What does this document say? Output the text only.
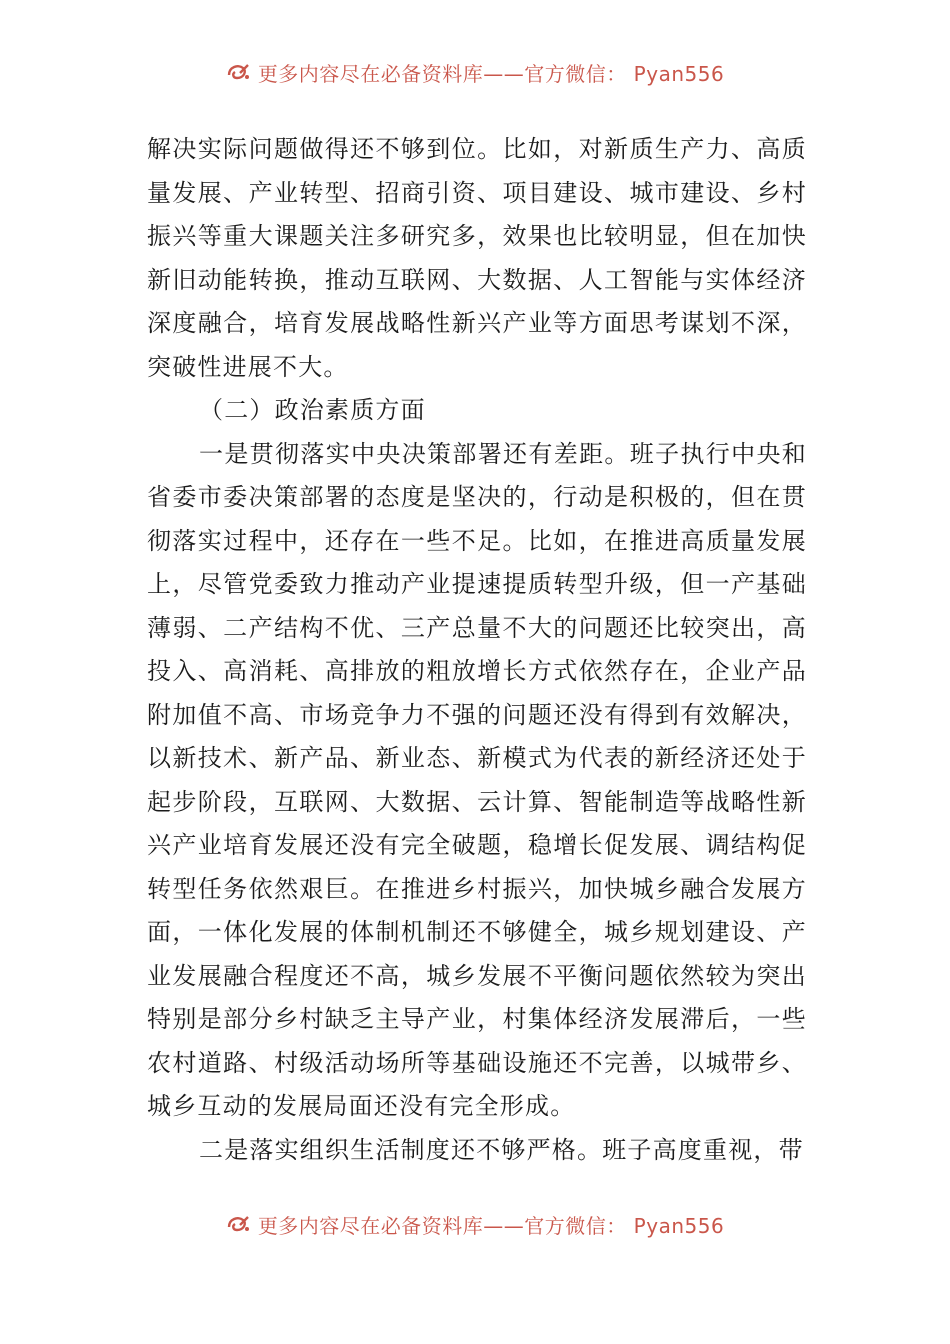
更多内容尽在必备资料库——官方微信： Pyan556

解决实际问题做得还不够到位。比如，对新质生产力、高质量发展、产业转型、招商引资、项目建设、城市建设、乡村振兴等重大课题关注多研究多，效果也比较明显，但在加快新旧动能转换，推动互联网、大数据、人工智能与实体经济深度融合，培育发展战略性新兴产业等方面思考谋划不深，突破性进展不大。

（二）政治素质方面

一是贯彻落实中央决策部署还有差距。班子执行中央和省委市委决策部署的态度是坚决的，行动是积极的，但在贯彻落实过程中，还存在一些不足。比如，在推进高质量发展上，尽管党委致力推动产业提速提质转型升级，但一产基础薄弱、二产结构不优、三产总量不大的问题还比较突出，高投入、高消耗、高排放的粗放增长方式依然存在，企业产品附加值不高、市场竞争力不强的问题还没有得到有效解决，以新技术、新产品、新业态、新模式为代表的新经济还处于起步阶段，互联网、大数据、云计算、智能制造等战略性新兴产业培育发展还没有完全破题，稳增长促发展、调结构促转型任务依然艰巨。在推进乡村振兴，加快城乡融合发展方面，一体化发展的体制机制还不够健全，城乡规划建设、产业发展融合程度还不高，城乡发展不平衡问题依然较为突出特别是部分乡村缺乏主导产业，村集体经济发展滞后，一些农村道路、村级活动场所等基础设施还不完善，以城带乡、城乡互动的发展局面还没有完全形成。

二是落实组织生活制度还不够严格。班子高度重视，带

更多内容尽在必备资料库——官方微信： Pyan556
